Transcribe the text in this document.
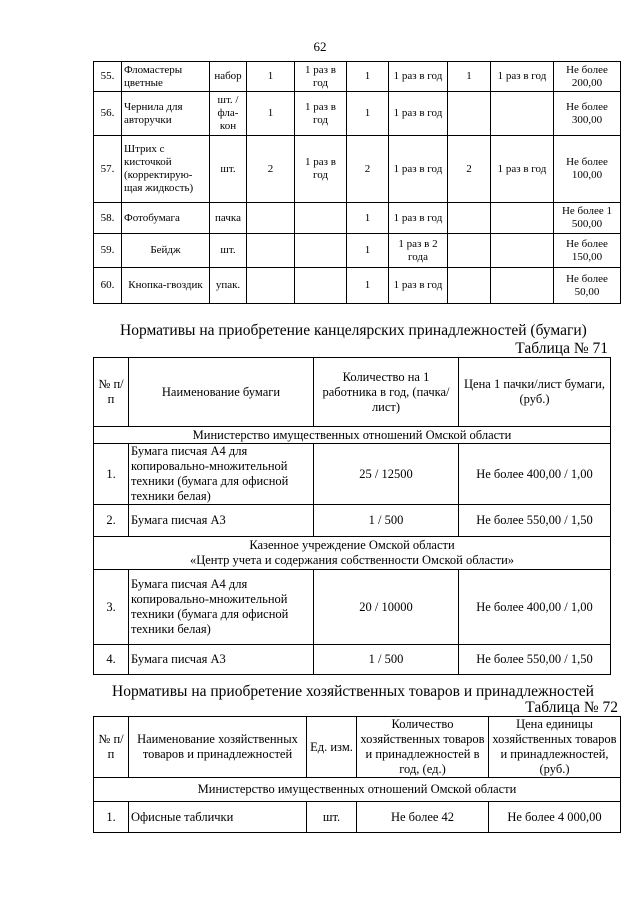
62
55.	Фломастеры цветные	набор	1	1 раз в год	1	1 раз в год	1	1 раз в год	Не более 200,00
56.	Чернила для авторучки	шт. / фла-кон	1	1 раз в год	1	1 раз в год			Не более 300,00
57.	Штрих с кисточкой (корректирую-щая жидкость)	шт.	2	1 раз в год	2	1 раз в год	2	1 раз в год	Не более 100,00
58.	Фотобумага	пачка			1	1 раз в год			Не более 1 500,00
59.	Бейдж	шт.			1	1 раз в 2 года			Не более 150,00
60.	Кнопка-гвоздик	упак.			1	1 раз в год			Не более 50,00
Нормативы на приобретение канцелярских принадлежностей (бумаги)
Таблица № 71
№ п/п	Наименование бумаги	Количество на 1 работника в год, (пачка/лист)	Цена 1 пачки/лист бумаги, (руб.)
Министерство имущественных отношений Омской области			
1.	Бумага писчая А4 для копировально-множительной техники (бумага для офисной техники белая)	25 / 12500	Не более 400,00 / 1,00
2.	Бумага писчая А3	1 / 500	Не более 550,00 / 1,50

Казенное учреждение Омской области
«Центр учета и содержания собственности Омской области»			

3.	Бумага писчая А4 для копировально-множительной техники (бумага для офисной техники белая)	20 / 10000	Не более 400,00 / 1,00
4.	Бумага писчая А3	1 / 500	Не более 550,00 / 1,50
Нормативы на приобретение хозяйственных товаров и принадлежностей
Таблица № 72
№ п/п	Наименование хозяйственных товаров и принадлежностей	Ед. изм.	Количество хозяйственных товаров и принадлежностей в год, (ед.)	Цена единицы хозяйственных товаров и принадлежностей, (руб.)
Министерство имущественных отношений Омской области				
1.	Офисные таблички	шт.	Не более 42	Не более 4 000,00
